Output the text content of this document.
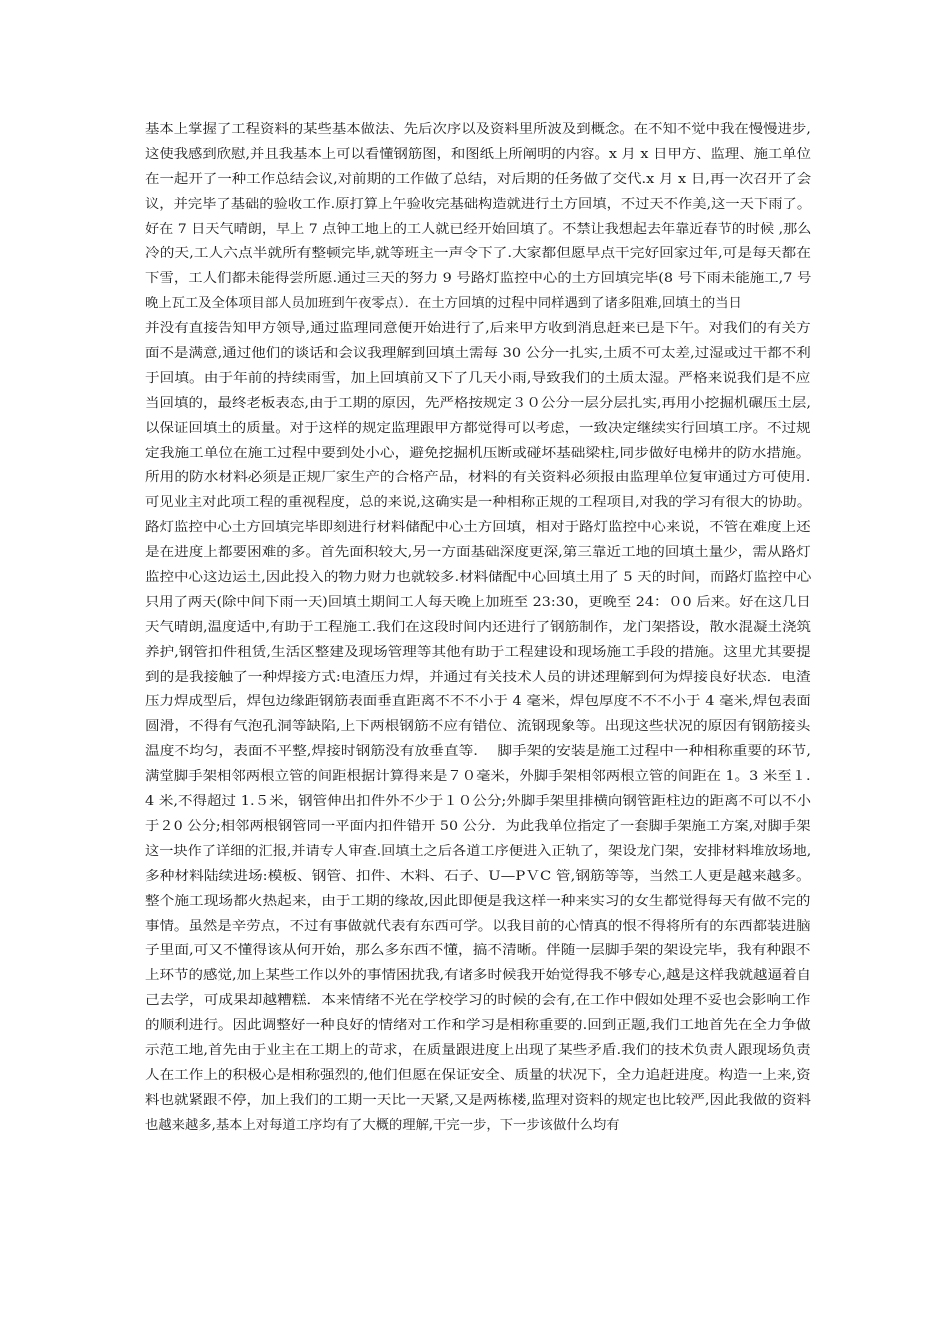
基本上掌握了工程资料的某些基本做法、先后次序以及资料里所波及到概念。在不知不觉中我在慢慢进步,
这使我感到欣慰,并且我基本上可以看懂钢筋图，和图纸上所阐明的内容。x 月 x 日甲方、监理、施工单位
在一起开了一种工作总结会议,对前期的工作做了总结，对后期的任务做了交代.x 月 x 日,再一次召开了会
议，并完毕了基础的验收工作.原打算上午验收完基础构造就进行土方回填，不过天不作美,这一天下雨了。
好在 7 日天气晴朗，早上 7 点钟工地上的工人就已经开始回填了。不禁让我想起去年靠近春节的时候 ,那么
冷的天,工人六点半就所有整顿完毕,就等班主一声令下了.大家都但愿早点干完好回家过年,可是每天都在
下雪，工人们都未能得尝所愿.通过三天的努力 9 号路灯监控中心的土方回填完毕(8 号下雨未能施工,7 号
晚上瓦工及全体项目部人员加班到午夜零点）．在土方回填的过程中同样遇到了诸多阻难,回填土的当日
并没有直接告知甲方领导,通过监理同意便开始进行了,后来甲方收到消息赶来已是下午。对我们的有关方
面不是满意,通过他们的谈话和会议我理解到回填土需每 30 公分一扎实,土质不可太差,过湿或过干都不利
于回填。由于年前的持续雨雪，加上回填前又下了几天小雨,导致我们的土质太湿。严格来说我们是不应
当回填的，最终老板表态,由于工期的原因，先严格按规定３０公分一层分层扎实,再用小挖掘机碾压土层,
以保证回填土的质量。对于这样的规定监理跟甲方都觉得可以考虑，一致决定继续实行回填工序。不过规
定我施工单位在施工过程中要到处小心，避免挖掘机压断或碰坏基础梁柱,同步做好电梯井的防水措施。
所用的防水材料必须是正规厂家生产的合格产品，材料的有关资料必须报由监理单位复审通过方可使用.
可见业主对此项工程的重视程度，总的来说,这确实是一种相称正规的工程项目,对我的学习有很大的协助。
路灯监控中心土方回填完毕即刻进行材料储配中心土方回填，相对于路灯监控中心来说，不管在难度上还
是在进度上都要困难的多。首先面积较大,另一方面基础深度更深,第三靠近工地的回填土量少，需从路灯
监控中心这边运土,因此投入的物力财力也就较多.材料储配中心回填土用了 5 天的时间，而路灯监控中心
只用了两天(除中间下雨一天)回填土期间工人每天晚上加班至 23:30，更晚至 24：０0 后来。好在这几日
天气晴朗,温度适中,有助于工程施工.我们在这段时间内还进行了钢筋制作，龙门架搭设，散水混凝土浇筑
养护,钢管扣件租赁,生活区整建及现场管理等其他有助于工程建设和现场施工手段的措施。这里尤其要提
到的是我接触了一种焊接方式:电渣压力焊，并通过有关技术人员的讲述理解到何为焊接良好状态．电渣
压力焊成型后，焊包边缘距钢筋表面垂直距离不不不小于 4 毫米，焊包厚度不不不小于 4 毫米,焊包表面
圆滑，不得有气泡孔洞等缺陷,上下两根钢筋不应有错位、流钢现象等。出现这些状况的原因有钢筋接头
温度不均匀，表面不平整,焊接时钢筋没有放垂直等.　 脚手架的安装是施工过程中一种相称重要的环节,
满堂脚手架相邻两根立管的间距根据计算得来是７０毫米，外脚手架相邻两根立管的间距在 1。3 米至１.
4 米,不得超过 1.５米，钢管伸出扣件外不少于１０公分;外脚手架里排横向钢管距柱边的距离不可以不小
于２0 公分;相邻两根钢管同一平面内扣件错开 50 公分．为此我单位指定了一套脚手架施工方案,对脚手架
这一块作了详细的汇报,并请专人审查.回填土之后各道工序便进入正轨了，架设龙门架，安排材料堆放场地,
多种材料陆续进场:模板、钢管、扣件、木料、石子、U—PＶC 管,钢筋等等，当然工人更是越来越多。
整个施工现场都火热起来，由于工期的缘故,因此即便是我这样一种来实习的女生都觉得每天有做不完的
事情。虽然是辛劳点，不过有事做就代表有东西可学。以我目前的心情真的恨不得将所有的东西都装进脑
子里面,可又不懂得该从何开始，那么多东西不懂，搞不清晰。伴随一层脚手架的架设完毕，我有种跟不
上环节的感觉,加上某些工作以外的事情困扰我,有诸多时候我开始觉得我不够专心,越是这样我就越逼着自
己去学，可成果却越糟糕．本来情绪不光在学校学习的时候的会有,在工作中假如处理不妥也会影响工作
的顺利进行。因此调整好一种良好的情绪对工作和学习是相称重要的.回到正题,我们工地首先在全力争做
示范工地,首先由于业主在工期上的苛求，在质量跟进度上出现了某些矛盾.我们的技术负责人跟现场负责
人在工作上的积极心是相称强烈的,他们但愿在保证安全、质量的状况下，全力追赶进度。构造一上来,资
料也就紧跟不停，加上我们的工期一天比一天紧,又是两栋楼,监理对资料的规定也比较严,因此我做的资料
也越来越多,基本上对每道工序均有了大概的理解,干完一步，下一步该做什么均有
